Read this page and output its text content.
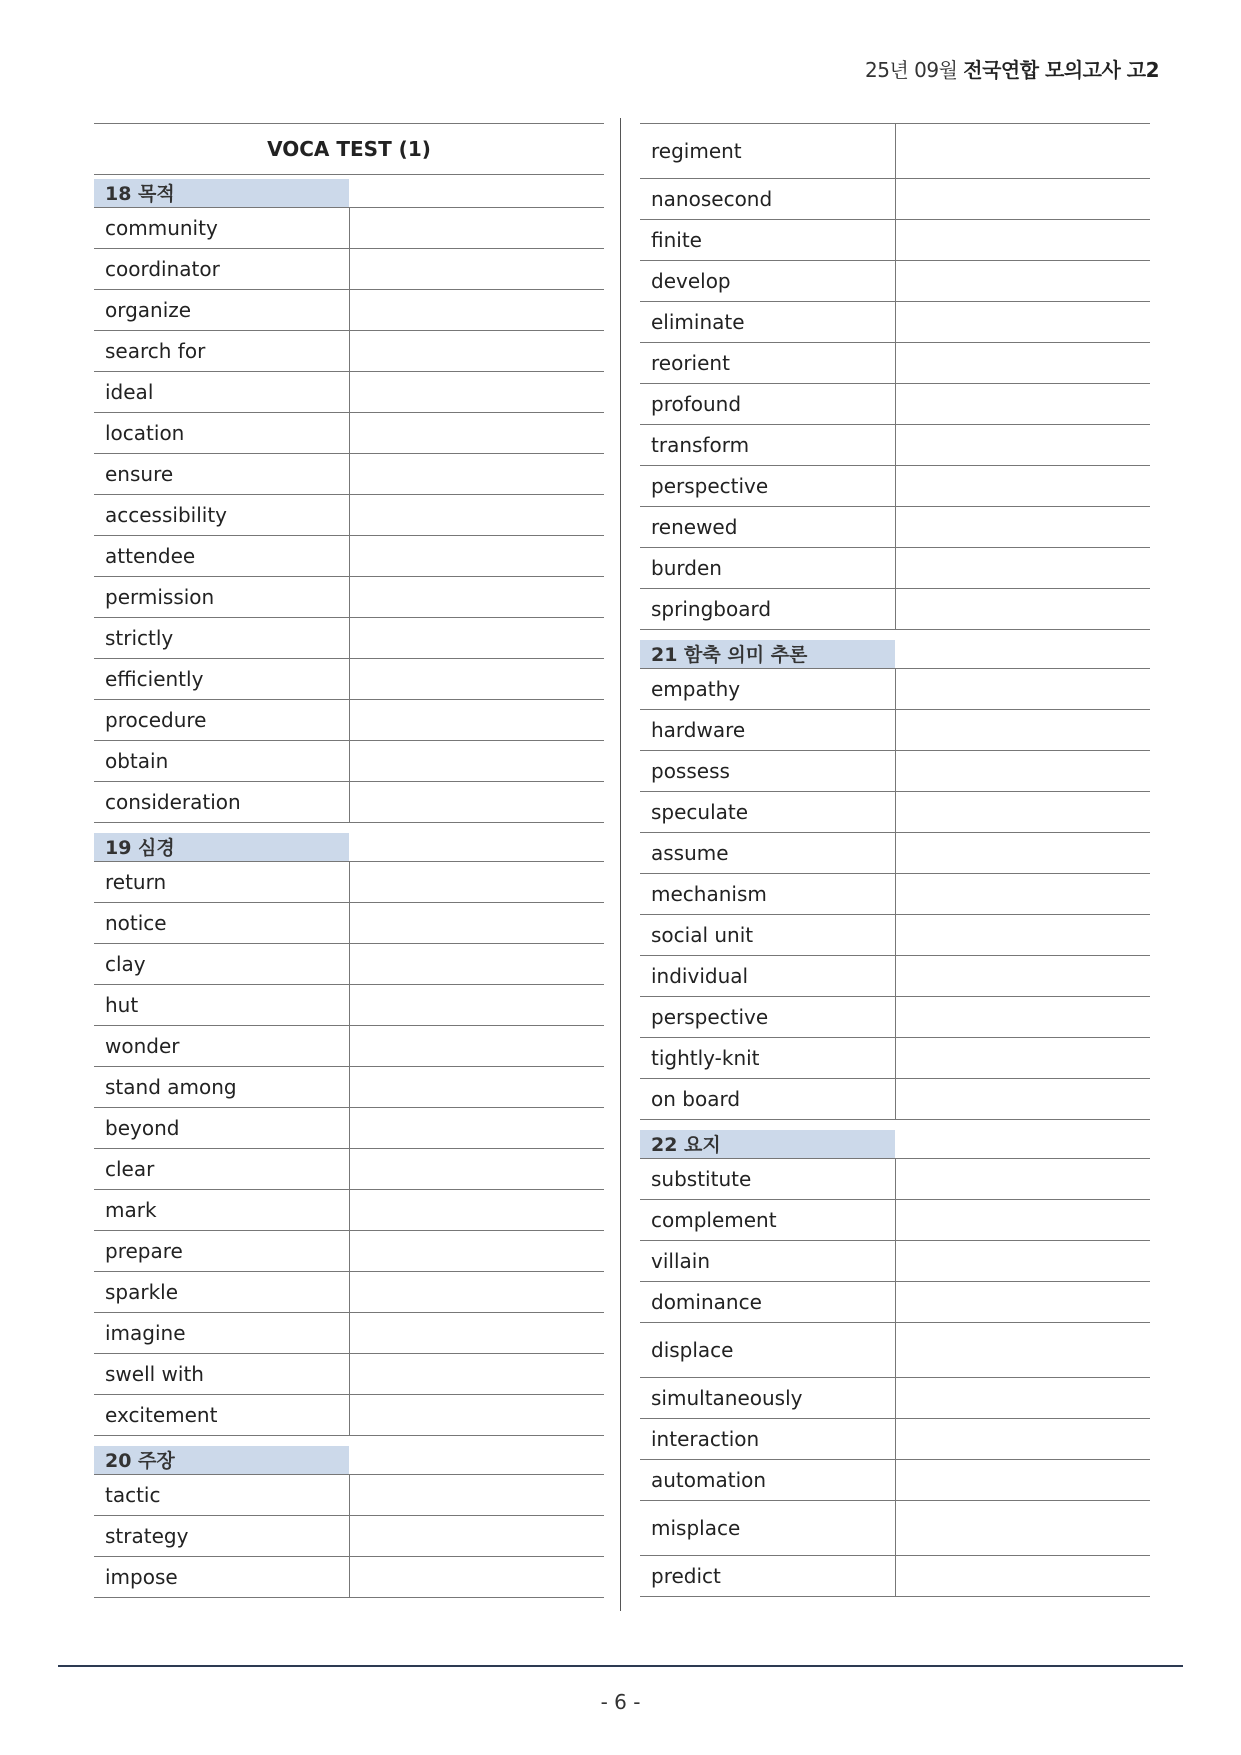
25년 09월 전국연합 모의고사 고2
VOCA TEST (1)
18 목적
community
coordinator
organize
search for
ideal
location
ensure
accessibility
attendee
permission
strictly
efficiently
procedure
obtain
consideration
19 심경
return
notice
clay
hut
wonder
stand among
beyond
clear
mark
prepare
sparkle
imagine
swell with
excitement
20 주장
tactic
strategy
impose
regiment
nanosecond
finite
develop
eliminate
reorient
profound
transform
perspective
renewed
burden
springboard
21 함축 의미 추론
empathy
hardware
possess
speculate
assume
mechanism
social unit
individual
perspective
tightly-knit
on board
22 요지
substitute
complement
villain
dominance
displace
simultaneously
interaction
automation
misplace
predict
- 6 -
